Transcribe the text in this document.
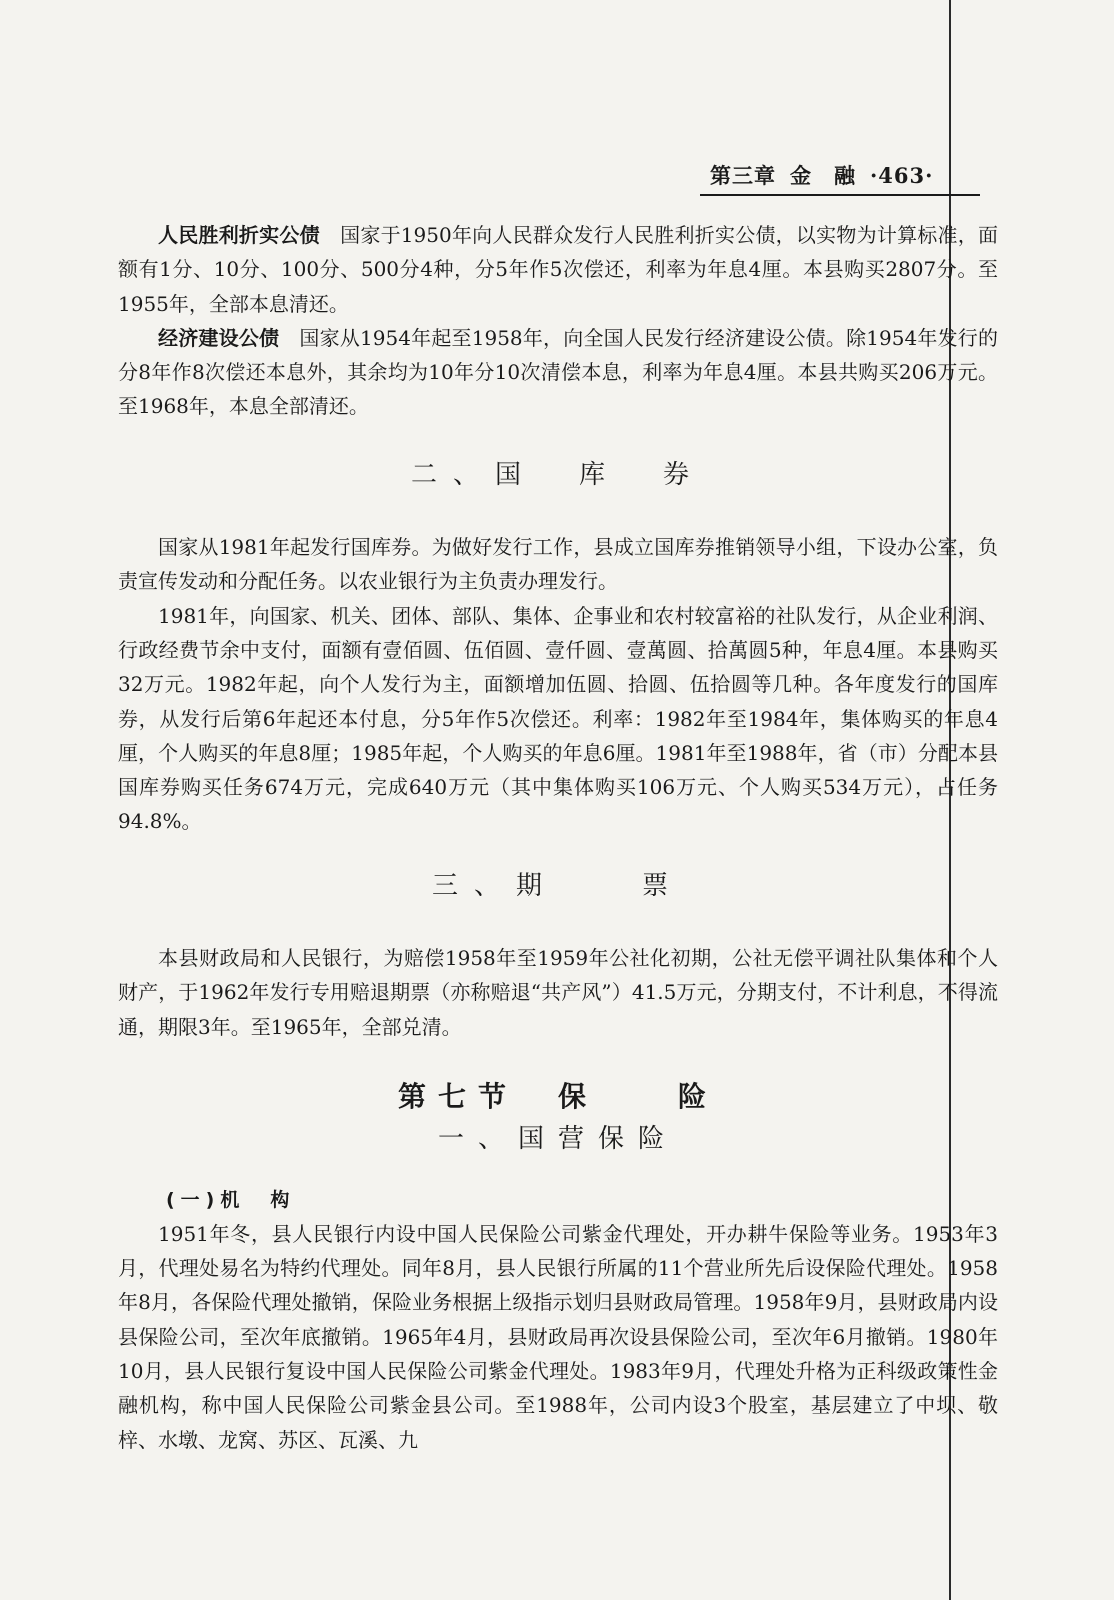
第三章 金　融 ·463·

人民胜利折实公债　 国家于1950年向人民群众发行人民胜利折实公债，以实物为计算标准，面额有1分、10分、100分、500分4种，分5年作5次偿还，利率为年息4厘。本县购买2807分。至1955年，全部本息清还。

经济建设公债　 国家从1954年起至1958年，向全国人民发行经济建设公债。除1954年发行的分8年作8次偿还本息外，其余均为10年分10次清偿本息，利率为年息4厘。本县共购买206万元。至1968年，本息全部清还。

二、国　库　券

国家从1981年起发行国库券。为做好发行工作，县成立国库券推销领导小组，下设办公室，负责宣传发动和分配任务。以农业银行为主负责办理发行。

1981年，向国家、机关、团体、部队、集体、企事业和农村较富裕的社队发行，从企业利润、行政经费节余中支付，面额有壹佰圆、伍佰圆、壹仟圆、壹萬圆、拾萬圆5种，年息4厘。本县购买32万元。1982年起，向个人发行为主，面额增加伍圆、拾圆、伍拾圆等几种。各年度发行的国库券，从发行后第6年起还本付息，分5年作5次偿还。利率：1982年至1984年，集体购买的年息4厘，个人购买的年息8厘；1985年起，个人购买的年息6厘。1981年至1988年，省（市）分配本县国库券购买任务674万元，完成640万元（其中集体购买106万元、个人购买534万元），占任务94.8%。

三、期　　票

本县财政局和人民银行，为赔偿1958年至1959年公社化初期，公社无偿平调社队集体和个人财产，于1962年发行专用赔退期票（亦称赔退“共产风”）41.5万元，分期支付，不计利息，不得流通，期限3年。至1965年，全部兑清。

第七节　保　　险
一、国营保险
(一)机　构

1951年冬，县人民银行内设中国人民保险公司紫金代理处，开办耕牛保险等业务。1953年3月，代理处易名为特约代理处。同年8月，县人民银行所属的11个营业所先后设保险代理处。1958年8月，各保险代理处撤销，保险业务根据上级指示划归县财政局管理。1958年9月，县财政局内设县保险公司，至次年底撤销。1965年4月，县财政局再次设县保险公司，至次年6月撤销。1980年10月，县人民银行复设中国人民保险公司紫金代理处。1983年9月，代理处升格为正科级政策性金融机构，称中国人民保险公司紫金县公司。至1988年，公司内设3个股室，基层建立了中坝、敬梓、水墩、龙窝、苏区、瓦溪、九
